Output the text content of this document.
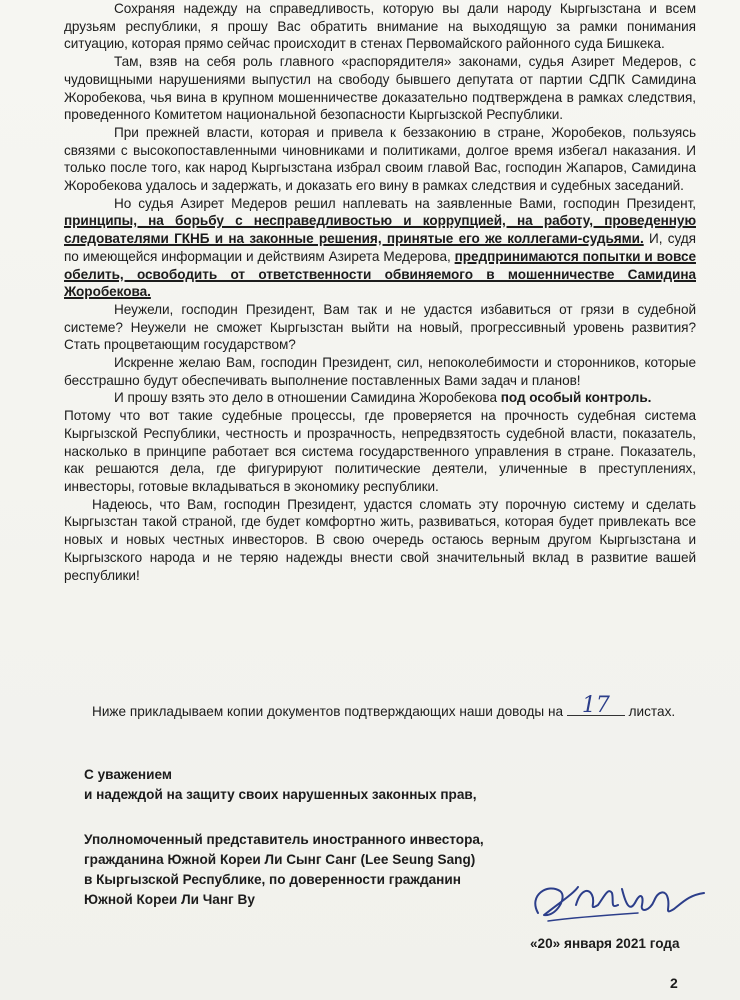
Сохраняя надежду на справедливость, которую вы дали народу Кыргызстана и всем друзьям республики, я прошу Вас обратить внимание на выходящую за рамки понимания ситуацию, которая прямо сейчас происходит в стенах Первомайского районного суда Бишкека.

Там, взяв на себя роль главного «распорядителя» законами, судья Азирет Медеров, с чудовищными нарушениями выпустил на свободу бывшего депутата от партии СДПК Самидина Жоробекова, чья вина в крупном мошенничестве доказательно подтверждена в рамках следствия, проведенного Комитетом национальной безопасности Кыргызской Республики.

При прежней власти, которая и привела к беззаконию в стране, Жоробеков, пользуясь связями с высокопоставленными чиновниками и политиками, долгое время избегал наказания. И только после того, как народ Кыргызстана избрал своим главой Вас, господин Жапаров, Самидина Жоробекова удалось и задержать, и доказать его вину в рамках следствия и судебных заседаний.

Но судья Азирет Медеров решил наплевать на заявленные Вами, господин Президент, принципы, на борьбу с несправедливостью и коррупцией, на работу, проведенную следователями ГКНБ и на законные решения, принятые его же коллегами-судьями. И, судя по имеющейся информации и действиям Азирета Медерова, предпринимаются попытки и вовсе обелить, освободить от ответственности обвиняемого в мошенничестве Самидина Жоробекова.

Неужели, господин Президент, Вам так и не удастся избавиться от грязи в судебной системе? Неужели не сможет Кыргызстан выйти на новый, прогрессивный уровень развития? Стать процветающим государством?

Искренне желаю Вам, господин Президент, сил, непоколебимости и сторонников, которые бесстрашно будут обеспечивать выполнение поставленных Вами задач и планов!

И прошу взять это дело в отношении Самидина Жоробекова под особый контроль.

Потому что вот такие судебные процессы, где проверяется на прочность судебная система Кыргызской Республики, честность и прозрачность, непредвзятость судебной власти, показатель, насколько в принципе работает вся система государственного управления в стране. Показатель, как решаются дела, где фигурируют политические деятели, уличенные в преступлениях, инвесторы, готовые вкладываться в экономику республики.

Надеюсь, что Вам, господин Президент, удастся сломать эту порочную систему и сделать Кыргызстан такой страной, где будет комфортно жить, развиваться, которая будет привлекать все новых и новых честных инвесторов. В свою очередь остаюсь верным другом Кыргызстана и Кыргызского народа и не теряю надежды внести свой значительный вклад в развитие вашей республики!

Ниже прикладываем копии документов подтверждающих наши доводы на 17 листах.
С уважением
и надеждой на защиту своих нарушенных законных прав,
Уполномоченный представитель иностранного инвестора,
гражданина Южной Кореи Ли Сынг Санг (Lee Seung Sang)
в Кыргызской Республике, по доверенности гражданин
Южной Кореи Ли Чанг Ву
«20» января 2021 года
2
